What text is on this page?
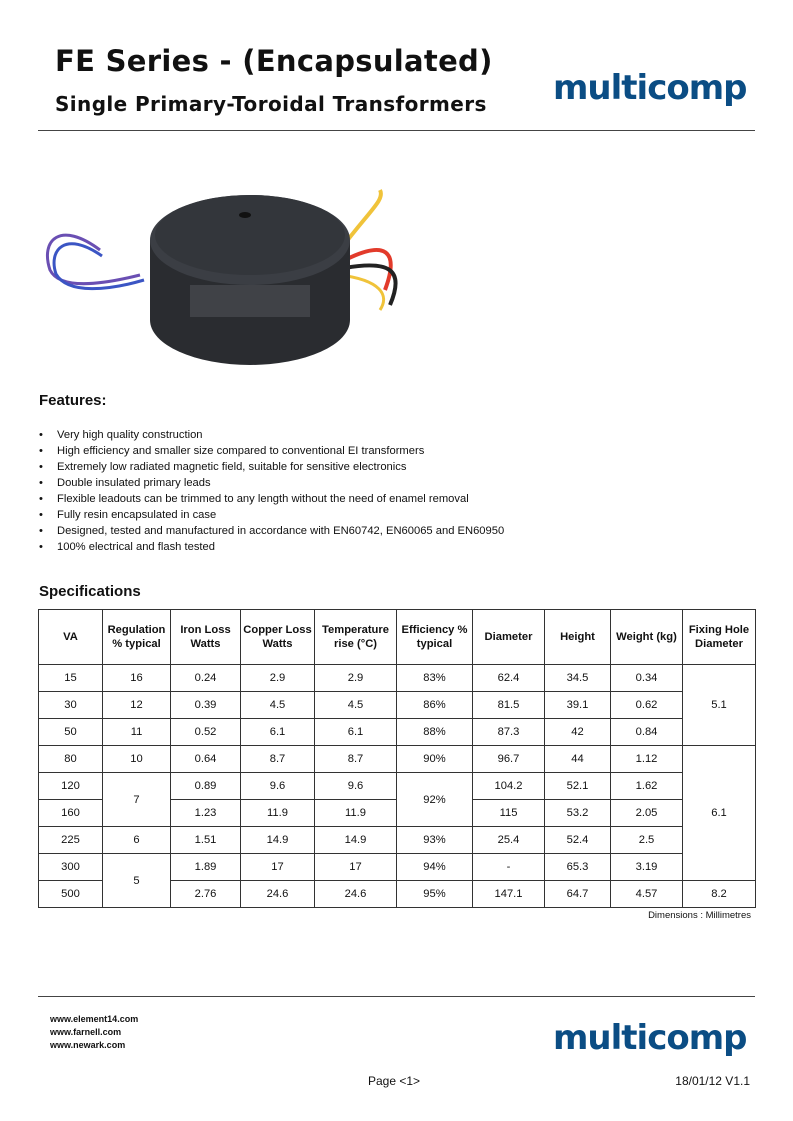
FE Series - (Encapsulated)
Single Primary-Toroidal Transformers multicomp
Features:
• Very high quality construction
• High efficiency and smaller size compared to conventional EI transformers
• Extremely low radiated magnetic field, suitable for sensitive electronics
• Double insulated primary leads
• Flexible leadouts can be trimmed to any length without the need of enamel removal
• Fully resin encapsulated in case
• Designed, tested and manufactured in accordance with EN60742, EN60065 and EN60950
• 100% electrical and flash tested
Specifications
VA	Regulation % typical	Iron Loss Watts	Copper Loss Watts	Temperature rise (°C)	Efficiency % typical	Diameter	Height	Weight (kg)	Fixing Hole Diameter
15	16	0.24	2.9	2.9	83%	62.4	34.5	0.34	5.1
30	12	0.39	4.5	4.5	86%	81.5	39.1	0.62	
50	11	0.52	6.1	6.1	88%	87.3	42	0.84	
80	10	0.64	8.7	8.7	90%	96.7	44	1.12	6.1
120	7	0.89	9.6	9.6	92%	104.2	52.1	1.62	
160		1.23	11.9	11.9		115	53.2	2.05	
225	6	1.51	14.9	14.9	93%	25.4	52.4	2.5	
300	5	1.89	17	17	94%	-	65.3	3.19	
500		2.76	24.6	24.6	95%	147.1	64.7	4.57	8.2
Dimensions : Millimetres
www.element14.com
www.farnell.com
www.newark.com	multicomp
Page <1>	18/01/12 V1.1
